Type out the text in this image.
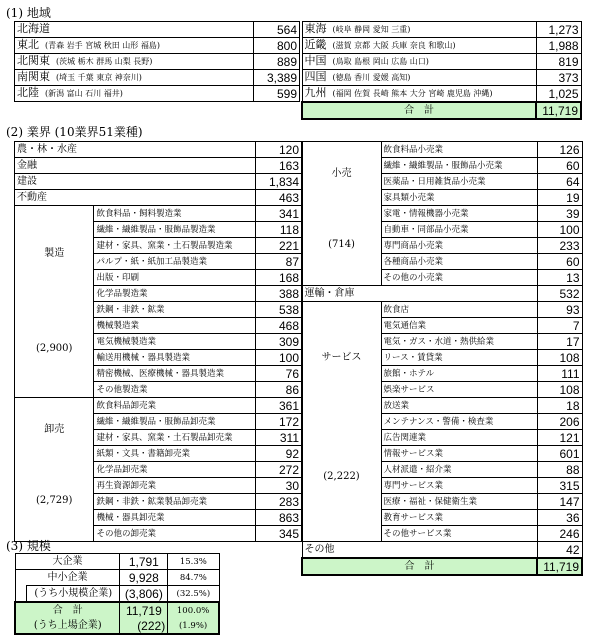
(1) 地域
北海道	564
東北 (青森 岩手 宮城 秋田 山形 福島)	800
北関東 (茨城 栃木 群馬 山梨 長野)	889
南関東 (埼玉 千葉 東京 神奈川)	3,389
北陸 (新潟 富山 石川 福井)	599
東海 (岐阜 静岡 愛知 三重)	1,273
近畿 (滋賀 京都 大阪 兵庫 奈良 和歌山)	1,988
中国 (鳥取 島根 岡山 広島 山口)	819
四国 (徳島 香川 愛媛 高知)	373
九州 (福岡 佐賀 長崎 熊本 大分 宮崎 鹿児島 沖縄)	1,025
合　計	11,719
(2) 業界 (10業界51業種)
農・林・水産		120
金融		163
建設		1,834
不動産		463
製造	飲食料品・飼料製造業	341
	繊維・繊維製品・服飾品製造業	118
	建材・家具、窯業・土石製品製造業	221
	パルプ・紙・紙加工品製造業	87
	出版・印刷	168
	化学品製造業	388
(2,900)	鉄鋼・非鉄・鉱業	538
	機械製造業	468
	電気機械製造業	309
	輸送用機械・器具製造業	100
	精密機械、医療機械・器具製造業	76
	その他製造業	86
卸売	飲食料品卸売業	361
	繊維・繊維製品・服飾品卸売業	172
	建材・家具、窯業・土石製品卸売業	311
	紙類・文具・書籍卸売業	92
(2,729)	化学品卸売業	272
	再生資源卸売業	30
	鉄鋼・非鉄・鉱業製品卸売業	283
	機械・器具卸売業	863
	その他の卸売業	345
小売	飲食料品小売業	126
	繊維・繊維製品・服飾品小売業	60
	医薬品・日用雑貨品小売業	64
	家具類小売業	19
(714)	家電・情報機器小売業	39
	自動車・同部品小売業	100
	専門商品小売業	233
	各種商品小売業	60
	その他の小売業	13
運輸・倉庫		532
サービス	飲食店	93
	電気通信業	7
	電気・ガス・水道・熱供給業	17
	リース・賃貸業	108
	旅館・ホテル	111
	娯楽サービス	108
	放送業	18
(2,222)	メンテナンス・警備・検査業	206
	広告関連業	121
	情報サービス業	601
	人材派遣・紹介業	88
	専門サービス業	315
	医療・福祉・保健衛生業	147
	教育サービス業	36
	その他サービス業	246
その他		42
合　計		11,719
(3) 規模
大企業		1,791	15.3%
中小企業		9,928	84.7%
	(うち小規模企業)	(3,806)	(32.5%)
合　計		11,719	100.0%
(うち上場企業)		(222)	(1.9%)
